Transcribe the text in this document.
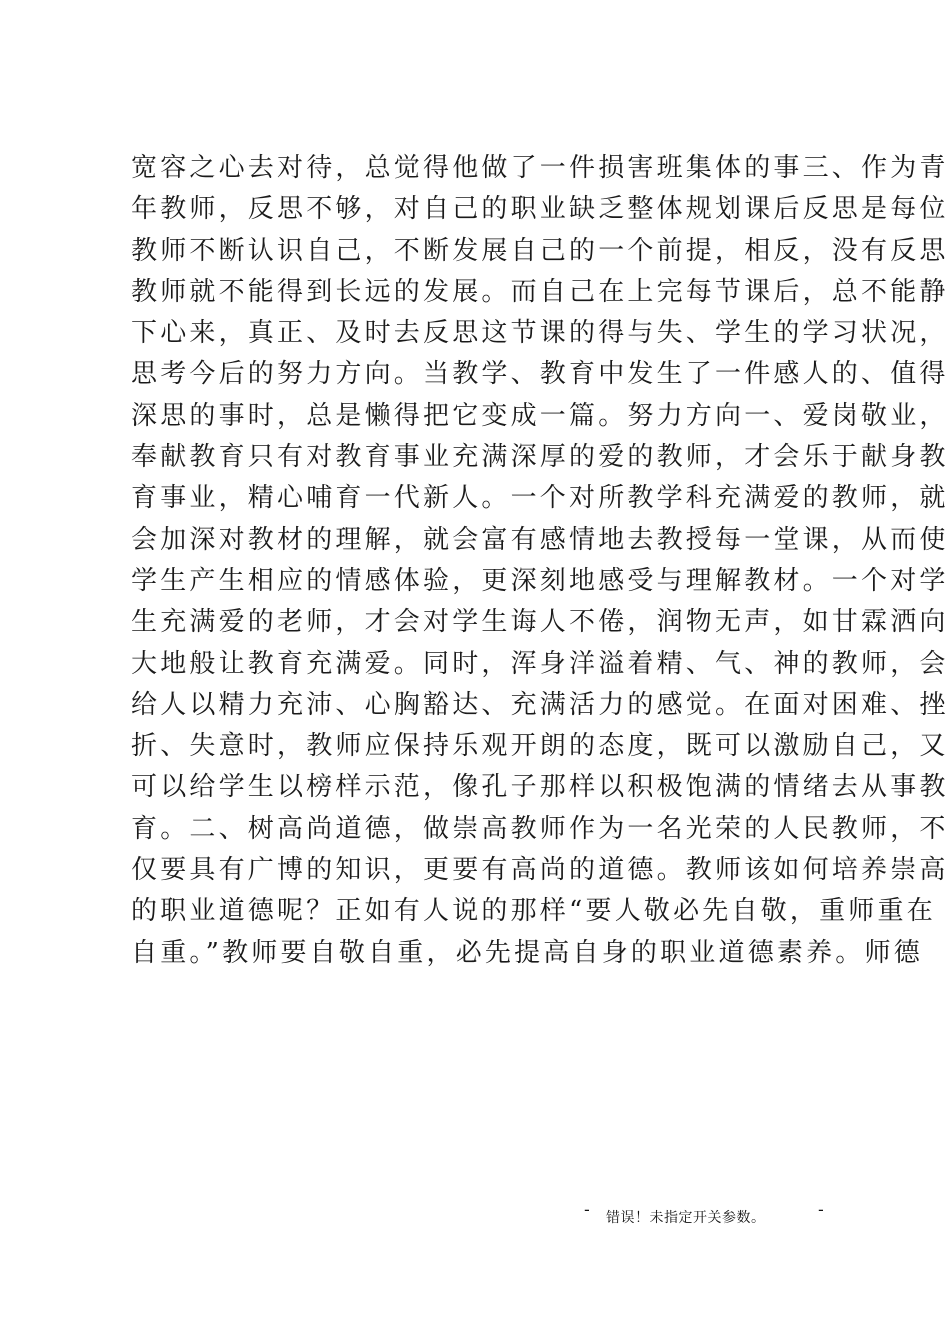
宽容之心去对待，总觉得他做了一件损害班集体的事三、作为青
年教师，反思不够，对自己的职业缺乏整体规划课后反思是每位
教师不断认识自己，不断发展自己的一个前提，相反，没有反思
教师就不能得到长远的发展。而自己在上完每节课后，总不能静
下心来，真正、及时去反思这节课的得与失、学生的学习状况，
思考今后的努力方向。当教学、教育中发生了一件感人的、值得
深思的事时，总是懒得把它变成一篇。努力方向一、爱岗敬业，
奉献教育只有对教育事业充满深厚的爱的教师，才会乐于献身教
育事业，精心哺育一代新人。一个对所教学科充满爱的教师，就
会加深对教材的理解，就会富有感情地去教授每一堂课，从而使
学生产生相应的情感体验，更深刻地感受与理解教材。一个对学
生充满爱的老师，才会对学生诲人不倦，润物无声，如甘霖洒向
大地般让教育充满爱。同时，浑身洋溢着精、气、神的教师，会
给人以精力充沛、心胸豁达、充满活力的感觉。在面对困难、挫
折、失意时，教师应保持乐观开朗的态度，既可以激励自己，又
可以给学生以榜样示范，像孔子那样以积极饱满的情绪去从事教
育。二、树高尚道德，做崇高教师作为一名光荣的人民教师，不
仅要具有广博的知识，更要有高尚的道德。教师该如何培养崇高
的职业道德呢？正如有人说的那样“要人敬必先自敬，重师重在
自重。”教师要自敬自重，必先提高自身的职业道德素养。师德
- 错误！未指定开关参数。	-
